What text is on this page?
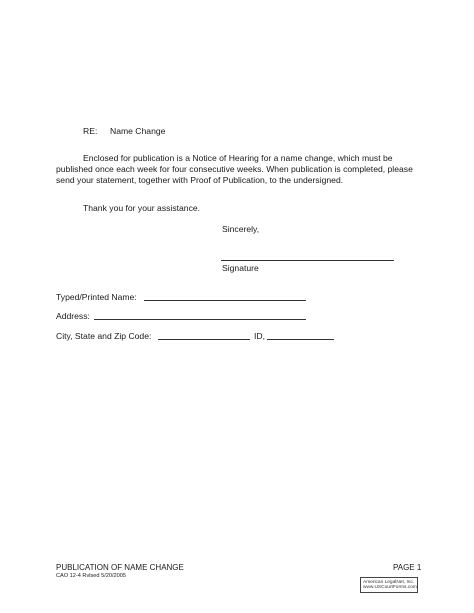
RE: Name Change
Enclosed for publication is a Notice of Hearing for a name change, which must be
published once each week for four consecutive weeks. When publication is completed, please
send your statement, together with Proof of Publication, to the undersigned.
Thank you for your assistance.
Sincerely,
Signature
Typed/Printed Name:
Address:
City, State and Zip Code:	ID,
PUBLICATION OF NAME CHANGE	PAGE 1
CAO 12-4 Rvlsed 5/20/2005
American LegalNet, Inc.
www.USCourtForms.com
